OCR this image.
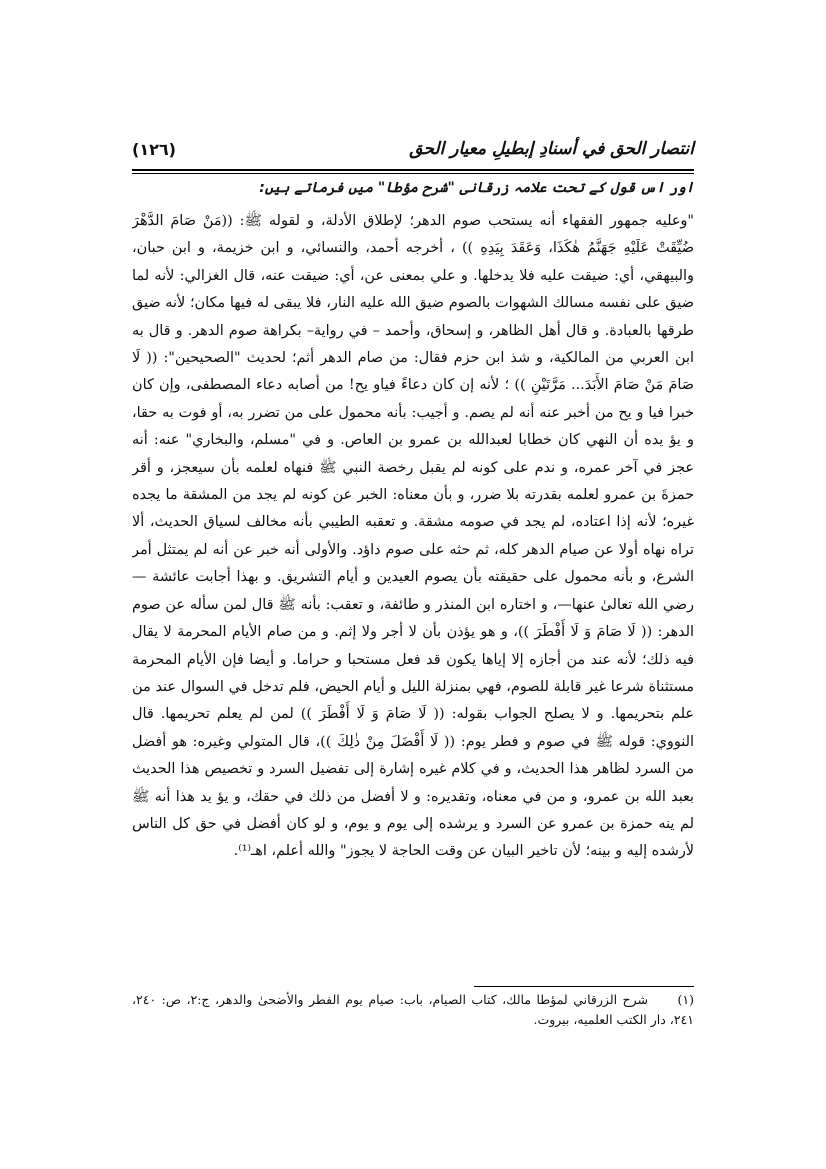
(١٢٦)	انتصار الحق في أسنادِ إبطيلِ معيار الحق
اور اس قول کے تحت علامہ زرقانی "شرح مؤطا" میں فرماتے ہیں:

"وعليه جمهور الفقهاء أنه يستحب صوم الدهر؛ لإطلاق الأدلة، و لقوله ﷺ: ((مَنْ صَامَ الدَّهْرَ ضُيِّقَتْ عَلَيْهِ جَهَنَّمُ هٰكَذَا، وَعَقَدَ بِيَدِهِ )) ، أخرجه أحمد، والنسائي، و ابن خزيمة، و ابن حبان، والبيهقي، أي: ضيقت عليه فلا يدخلها. و علي بمعنى عن، أي: ضيقت عنه، قال الغزالي: لأنه لما ضيق على نفسه مسالك الشهوات بالصوم ضيق الله عليه النار، فلا يبقى له فيها مكان؛ لأنه ضيق طرقها بالعبادة. و قال أهل الظاهر، و إسحاق، وأحمد – في رواية– بكراهة صوم الدهر. و قال به ابن العربي من المالكية، و شذ ابن حزم فقال: من صام الدهر أثم؛ لحديث "الصحيحين": (( لَا صَامَ مَنْ صَامَ الأَبَدَ... مَرَّتَيْنِ )) ؛ لأنه إن كان دعاءً فياو يح! من أصابه دعاء المصطفى، وإن كان خبرا فيا و يح من أخبر عنه أنه لم يصم. و أجيب: بأنه محمول على من تضرر به، أو فوت به حقا، و يؤ يده أن النهي كان خطابا لعبدالله بن عمرو بن العاص. و في "مسلم، والبخاري" عنه: أنه عجز في آخر عمره، و ندم على كونه لم يقبل رخصة النبي ﷺ فنهاه لعلمه بأن سيعجز، و أقر حمزةَ بن عمرو لعلمه بقدرته بلا ضرر، و بأن معناه: الخبر عن كونه لم يجد من المشقة ما يجده غيره؛ لأنه إذا اعتاده، لم يجد في صومه مشقة. و تعقبه الطيبي بأنه مخالف لسياق الحديث، ألا تراه نهاه أولا عن صيام الدهر كله، ثم حثه على صوم داؤد. والأولى أنه خبر عن أنه لم يمتثل أمر الشرع، و بأنه محمول على حقيقته بأن يصوم العيدين و أيام التشريق. و بهذا أجابت عائشة — رضي الله تعالىٰ عنها—، و اختاره ابن المنذر و طائفة، و تعقب: بأنه ﷺ قال لمن سأله عن صوم الدهر: (( لَا صَامَ وَ لَا أَفْطَرَ ))، و هو يؤذن بأن لا أجر ولا إثم. و من صام الأيام المحرمة لا يقال فيه ذلك؛ لأنه عند من أجازه إلا إياها يكون قد فعل مستحبا و حراما. و أيضا فإن الأيام المحرمة مستثناة شرعا غير قابلة للصوم، فهي بمنزلة الليل و أيام الحيض، فلم تدخل في السوال عند من علم بتحريمها. و لا يصلح الجواب بقوله: (( لَا صَامَ وَ لَا أَفْطَرَ )) لمن لم يعلم تحريمها. قال النووي: قوله ﷺ في صوم و فطر يوم: (( لَا أَفْضَلَ مِنْ ذٰلِكَ ))، قال المتولي وغيره: هو أفضل من السرد لظاهر هذا الحديث، و في كلام غيره إشارة إلى تفضيل السرد و تخصيص هذا الحديث بعبد الله بن عمرو، و من في معناه، وتقديره: و لا أفضل من ذلك في حقك، و يؤ يد هذا أنه ﷺ لم ينه حمزة بن عمرو عن السرد و يرشده إلى يوم و يوم، و لو كان أفضل في حق كل الناس لأرشده إليه و بينه؛ لأن تاخير البيان عن وقت الحاجة لا يجوز" والله أعلم، اهـ⁽¹⁾.

(١)شرح الزرقاني لمؤطا مالك، كتاب الصيام، باب: صيام يوم الفطر والأضحىٰ والدهر، ج:٢، ص: ٢٤٠، ٢٤١، دار الكتب العلميه، بيروت.
